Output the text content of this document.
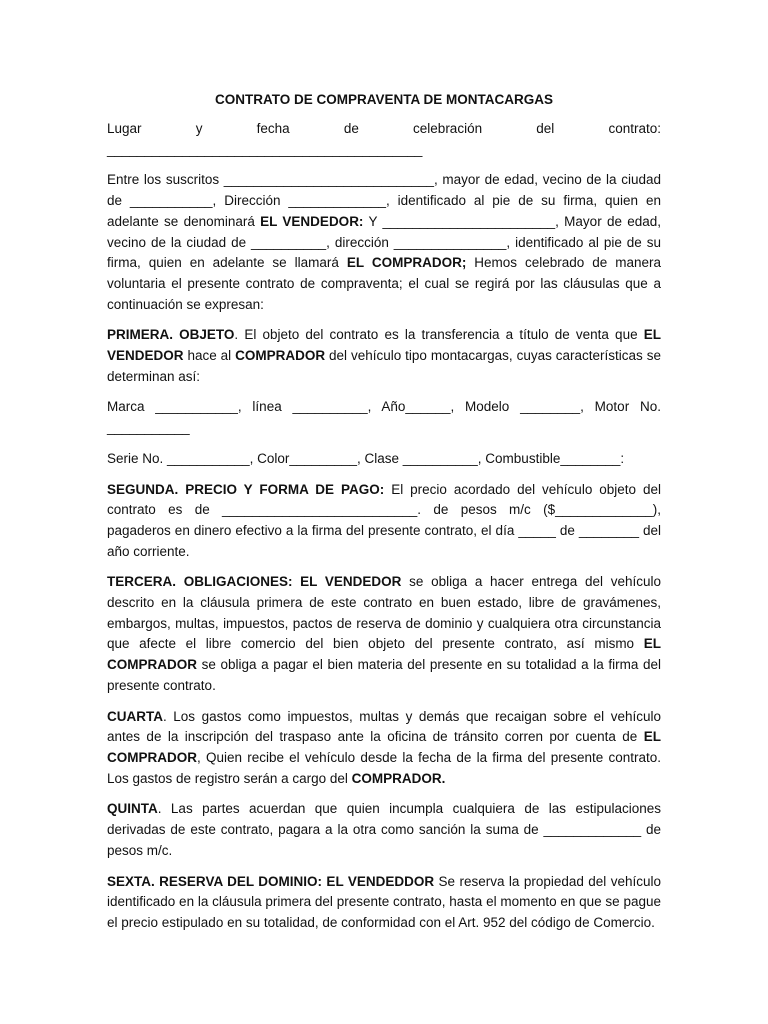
CONTRATO DE COMPRAVENTA DE MONTACARGAS
Lugar y fecha de celebración del contrato: __________________________________________
Entre los suscritos ____________________________, mayor de edad, vecino de la ciudad de ___________, Dirección _____________, identificado al pie de su firma, quien en adelante se denominará EL VENDEDOR: Y _______________________, Mayor de edad, vecino de la ciudad de __________, dirección _______________, identificado al pie de su firma, quien en adelante se llamará EL COMPRADOR; Hemos celebrado de manera voluntaria el presente contrato de compraventa; el cual se regirá por las cláusulas que a continuación se expresan:
PRIMERA. OBJETO. El objeto del contrato es la transferencia a título de venta que EL VENDEDOR hace al COMPRADOR del vehículo tipo montacargas, cuyas características se determinan así:
Marca ___________, línea __________, Año______, Modelo ________, Motor No. ___________
Serie No. ___________, Color_________, Clase __________, Combustible________:
SEGUNDA. PRECIO Y FORMA DE PAGO: El precio acordado del vehículo objeto del contrato es de __________________________. de pesos m/c ($_____________), pagaderos en dinero efectivo a la firma del presente contrato, el día _____ de ________ del año corriente.
TERCERA. OBLIGACIONES: EL VENDEDOR se obliga a hacer entrega del vehículo descrito en la cláusula primera de este contrato en buen estado, libre de gravámenes, embargos, multas, impuestos, pactos de reserva de dominio y cualquiera otra circunstancia que afecte el libre comercio del bien objeto del presente contrato, así mismo EL COMPRADOR se obliga a pagar el bien materia del presente en su totalidad a la firma del presente contrato.
CUARTA. Los gastos como impuestos, multas y demás que recaigan sobre el vehículo antes de la inscripción del traspaso ante la oficina de tránsito corren por cuenta de EL COMPRADOR, Quien recibe el vehículo desde la fecha de la firma del presente contrato. Los gastos de registro serán a cargo del COMPRADOR.
QUINTA. Las partes acuerdan que quien incumpla cualquiera de las estipulaciones derivadas de este contrato, pagara a la otra como sanción la suma de _____________ de pesos m/c.
SEXTA. RESERVA DEL DOMINIO: EL VENDEDDOR Se reserva la propiedad del vehículo identificado en la cláusula primera del presente contrato, hasta el momento en que se pague el precio estipulado en su totalidad, de conformidad con el Art. 952 del código de Comercio.
